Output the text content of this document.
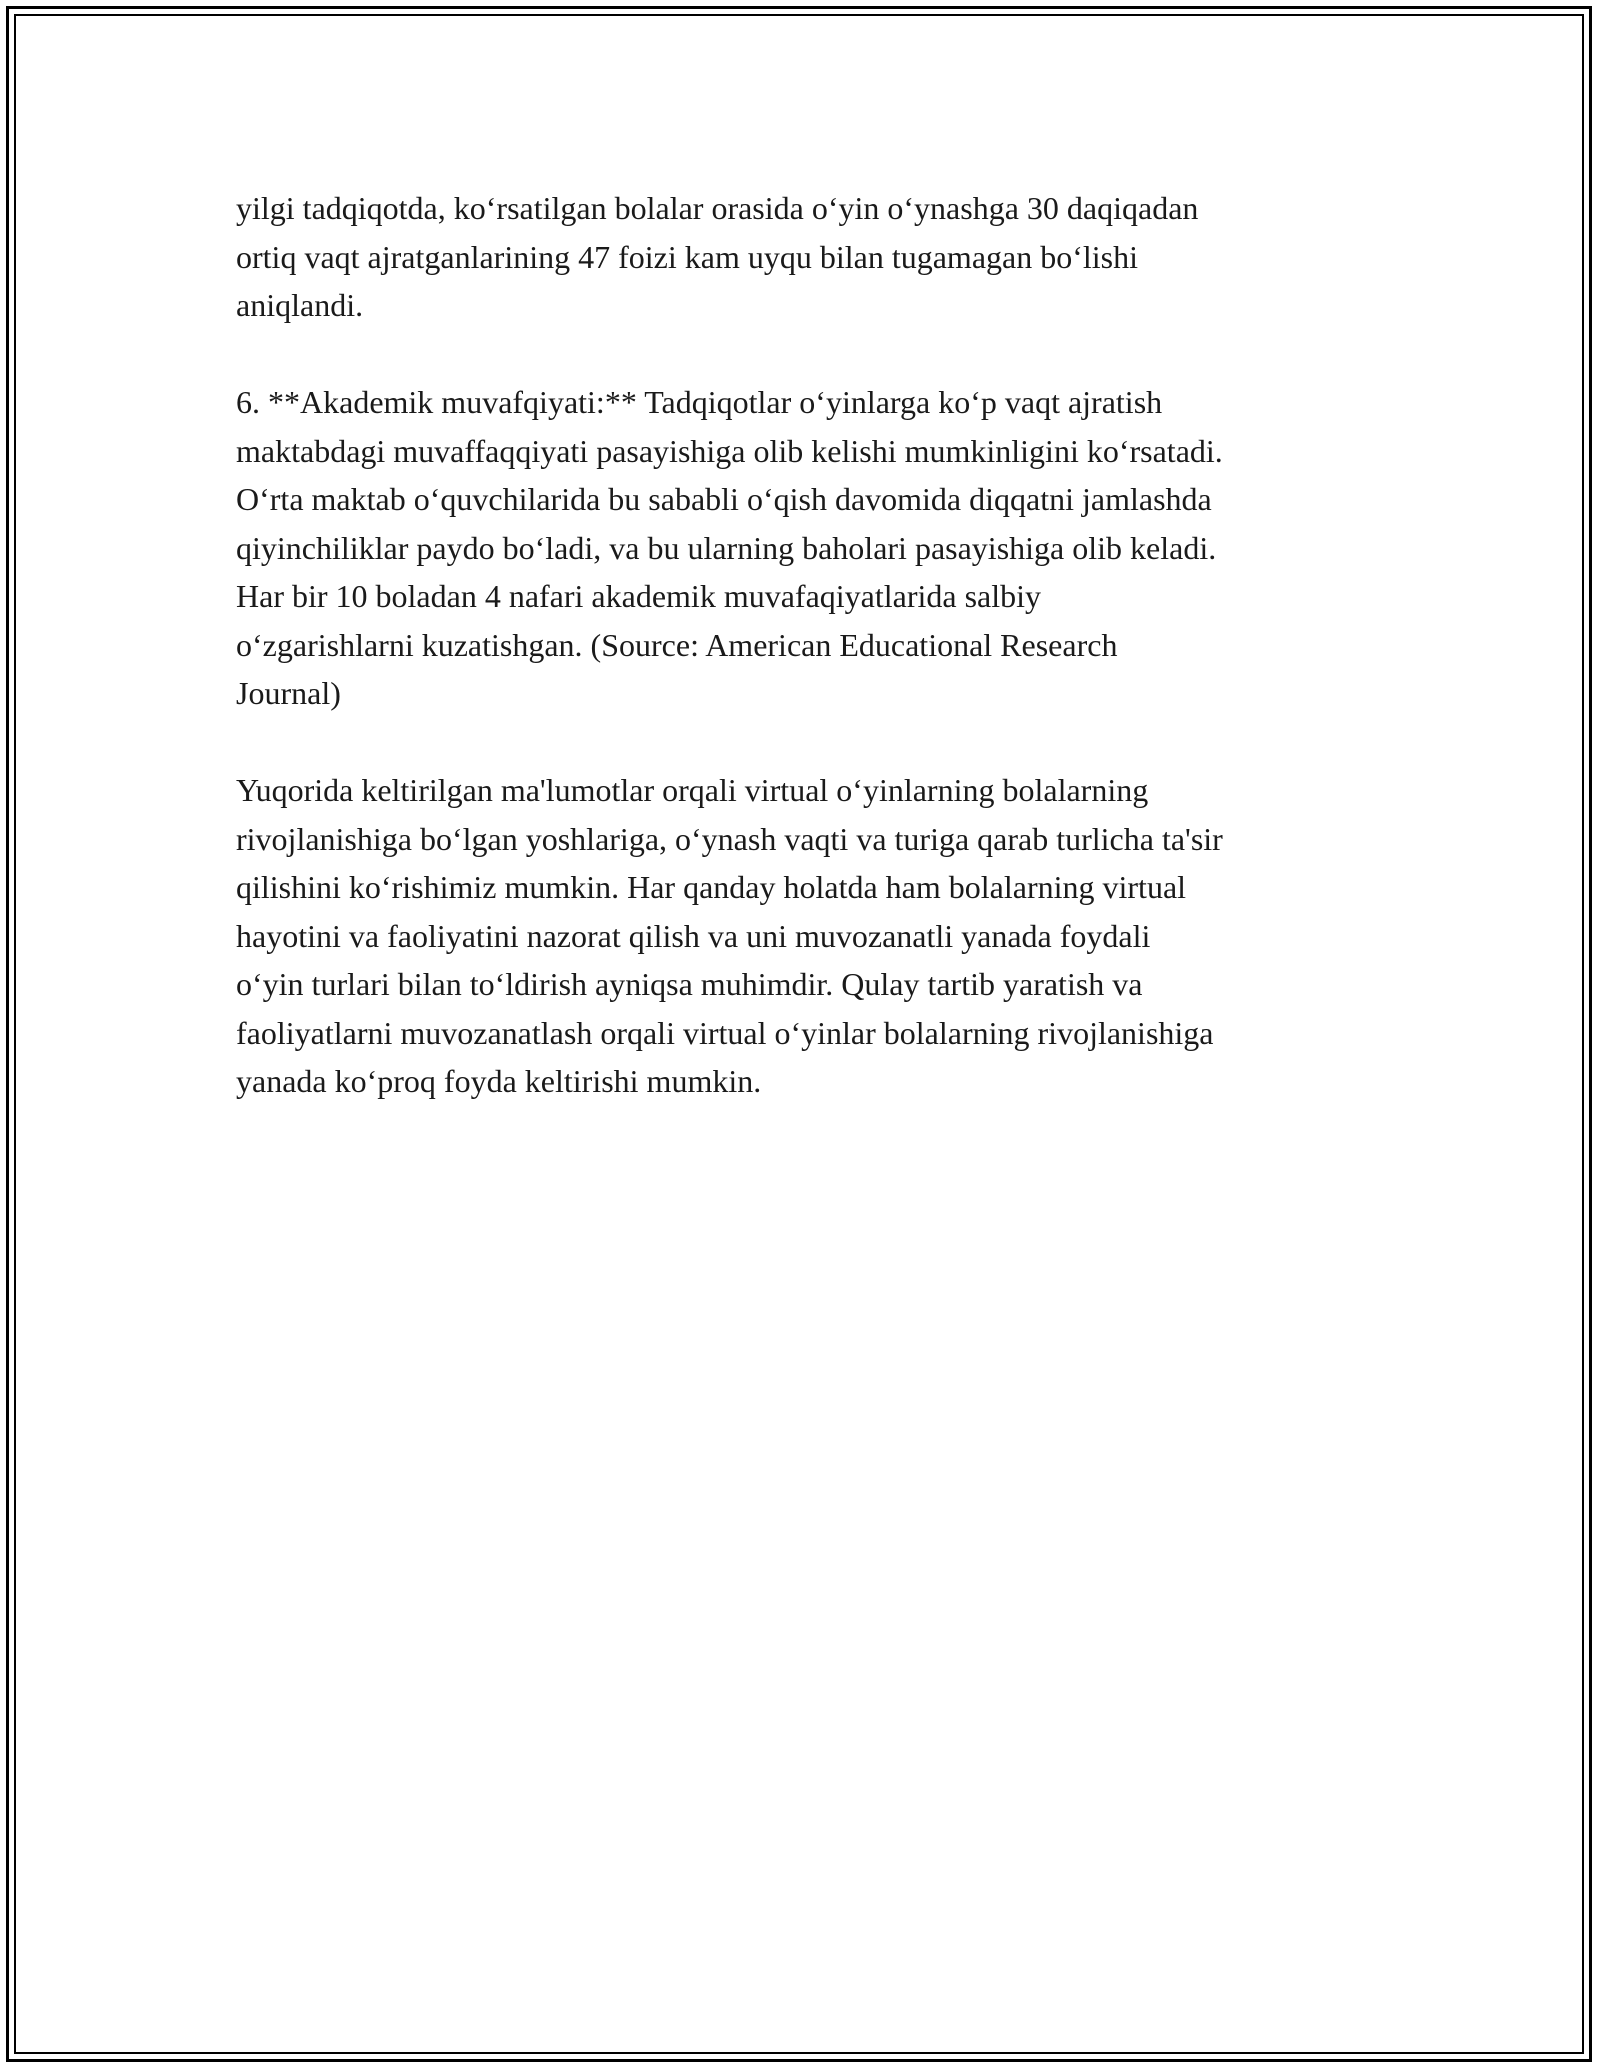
yilgi tadqiqotda, koʻrsatilgan bolalar orasida oʻyin oʻynashga 30 daqiqadan
ortiq vaqt ajratganlarining 47 foizi kam uyqu bilan tugamagan boʻlishi
aniqlandi.

6. **Akademik muvafqiyati:** Tadqiqotlar oʻyinlarga koʻp vaqt ajratish
maktabdagi muvaffaqqiyati pasayishiga olib kelishi mumkinligini koʻrsatadi.
Oʻrta maktab oʻquvchilarida bu sababli oʻqish davomida diqqatni jamlashda
qiyinchiliklar paydo boʻladi, va bu ularning baholari pasayishiga olib keladi.
Har bir 10 boladan 4 nafari akademik muvafaqiyatlarida salbiy
oʻzgarishlarni kuzatishgan. (Source: American Educational Research
Journal)

Yuqorida keltirilgan ma'lumotlar orqali virtual oʻyinlarning bolalarning
rivojlanishiga boʻlgan yoshlariga, oʻynash vaqti va turiga qarab turlicha ta'sir
qilishini koʻrishimiz mumkin. Har qanday holatda ham bolalarning virtual
hayotini va faoliyatini nazorat qilish va uni muvozanatli yanada foydali
oʻyin turlari bilan toʻldirish ayniqsa muhimdir. Qulay tartib yaratish va
faoliyatlarni muvozanatlash orqali virtual oʻyinlar bolalarning rivojlanishiga
yanada koʻproq foyda keltirishi mumkin.
